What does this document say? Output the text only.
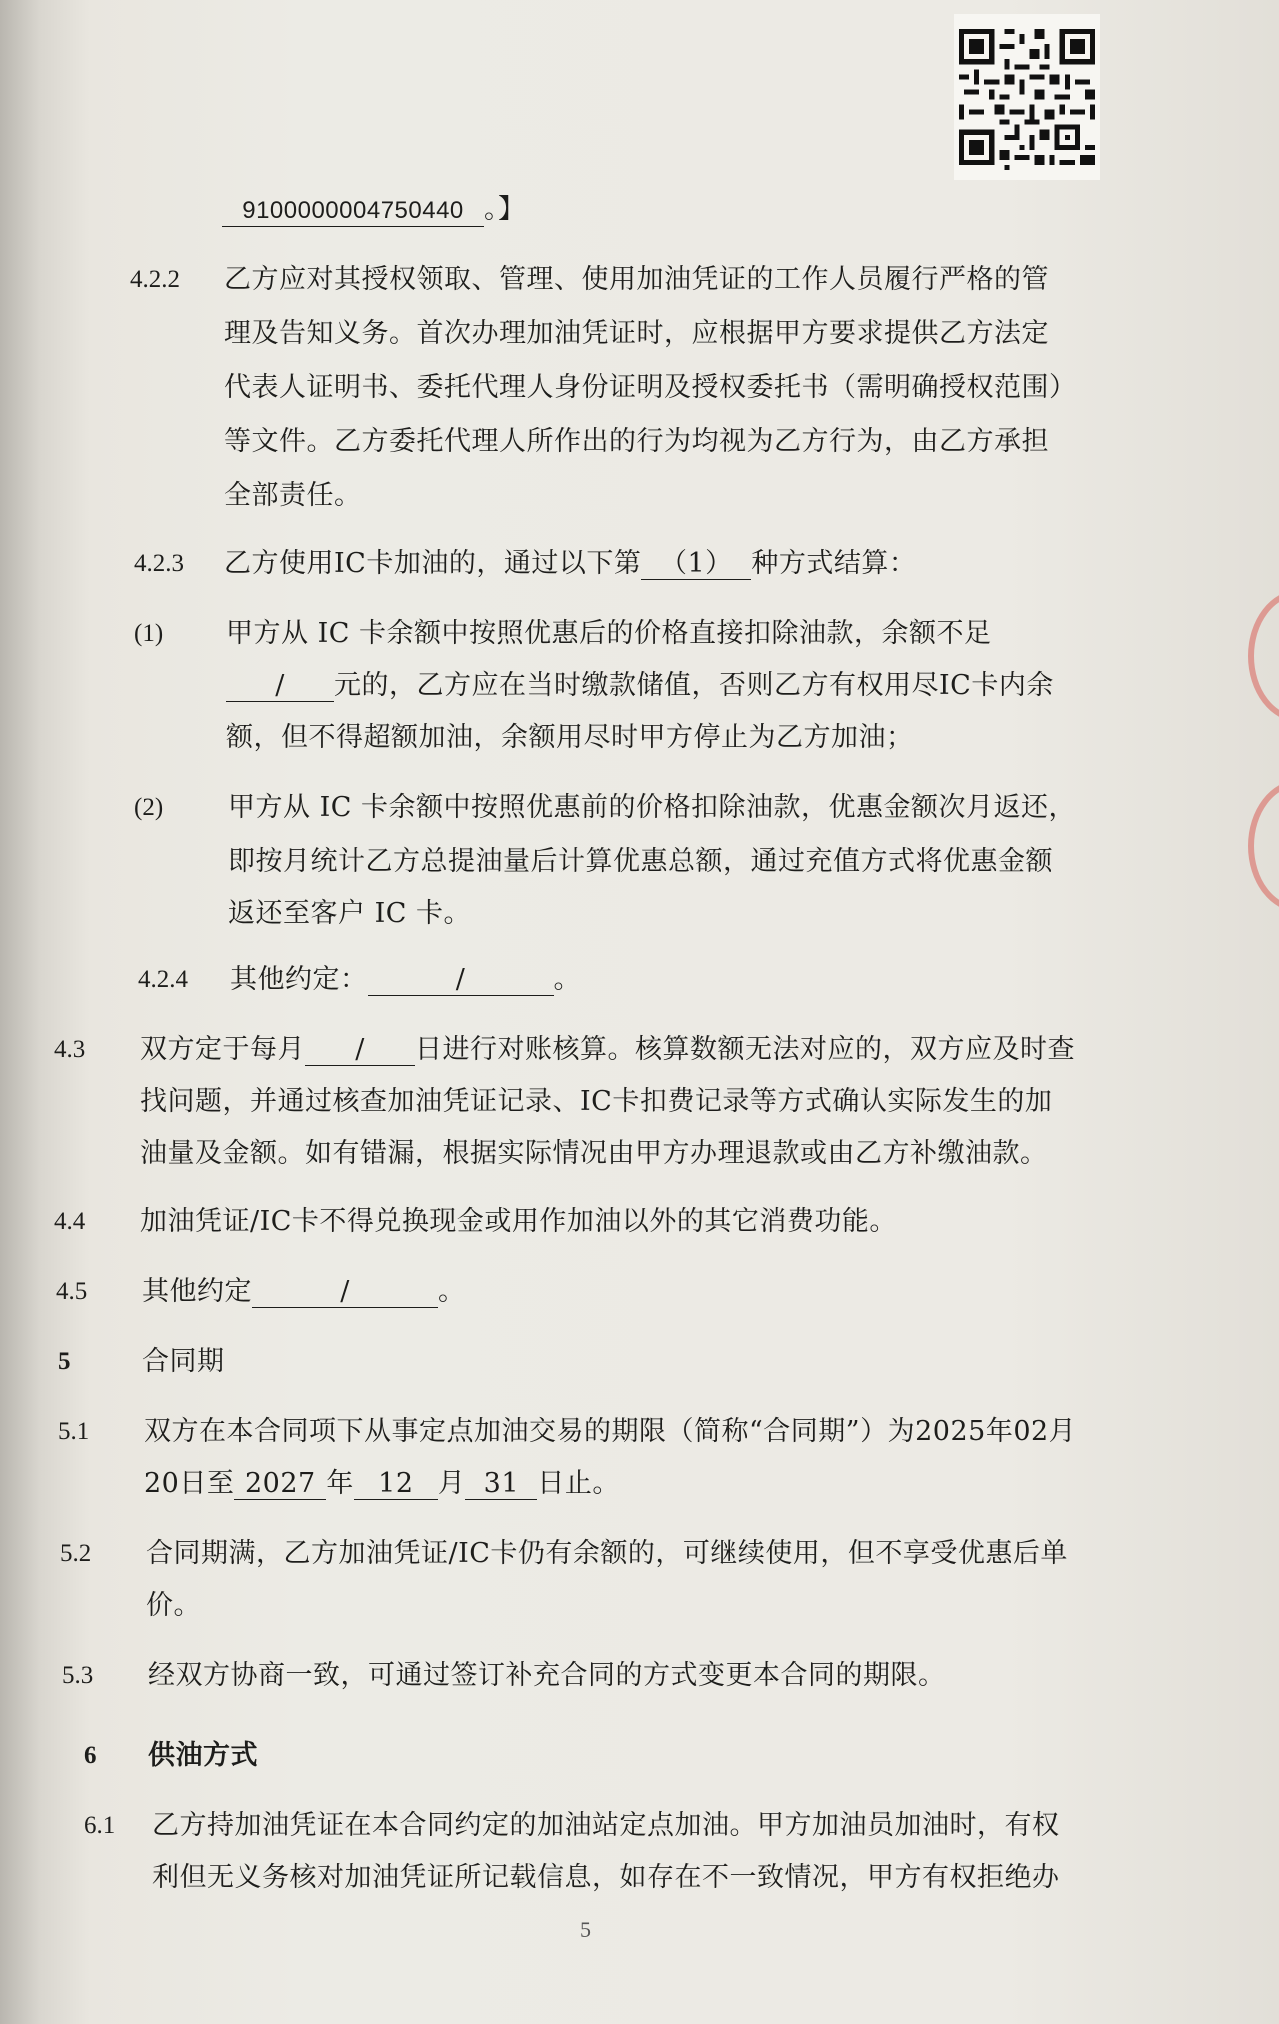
9100000004750440 。】
4.2.2 乙方应对其授权领取、管理、使用加油凭证的工作人员履行严格的管
理及告知义务。首次办理加油凭证时，应根据甲方要求提供乙方法定
代表人证明书、委托代理人身份证明及授权委托书（需明确授权范围）
等文件。乙方委托代理人所作出的行为均视为乙方行为，由乙方承担
全部责任。
4.2.3 乙方使用IC卡加油的，通过以下第 （1） 种方式结算：
(1) 甲方从 IC 卡余额中按照优惠后的价格直接扣除油款，余额不足
/ 元的，乙方应在当时缴款储值，否则乙方有权用尽IC卡内余
额，但不得超额加油，余额用尽时甲方停止为乙方加油；
(2) 甲方从 IC 卡余额中按照优惠前的价格扣除油款，优惠金额次月返还，
即按月统计乙方总提油量后计算优惠总额，通过充值方式将优惠金额
返还至客户 IC 卡。
4.2.4 其他约定：	/	。
4.3 双方定于每月 / 日进行对账核算。核算数额无法对应的，双方应及时查
找问题，并通过核查加油凭证记录、IC卡扣费记录等方式确认实际发生的加
油量及金额。如有错漏，根据实际情况由甲方办理退款或由乙方补缴油款。
4.4 加油凭证/IC卡不得兑换现金或用作加油以外的其它消费功能。
4.5 其他约定	/	。
5	合同期
5.1 双方在本合同项下从事定点加油交易的期限（简称“合同期”）为2025年02月
20日至 2027 年 12 月 31 日止。
5.2 合同期满，乙方加油凭证/IC卡仍有余额的，可继续使用，但不享受优惠后单
价。
5.3 经双方协商一致，可通过签订补充合同的方式变更本合同的期限。
6 供油方式
6.1 乙方持加油凭证在本合同约定的加油站定点加油。甲方加油员加油时，有权
利但无义务核对加油凭证所记载信息，如存在不一致情况，甲方有权拒绝办
5
